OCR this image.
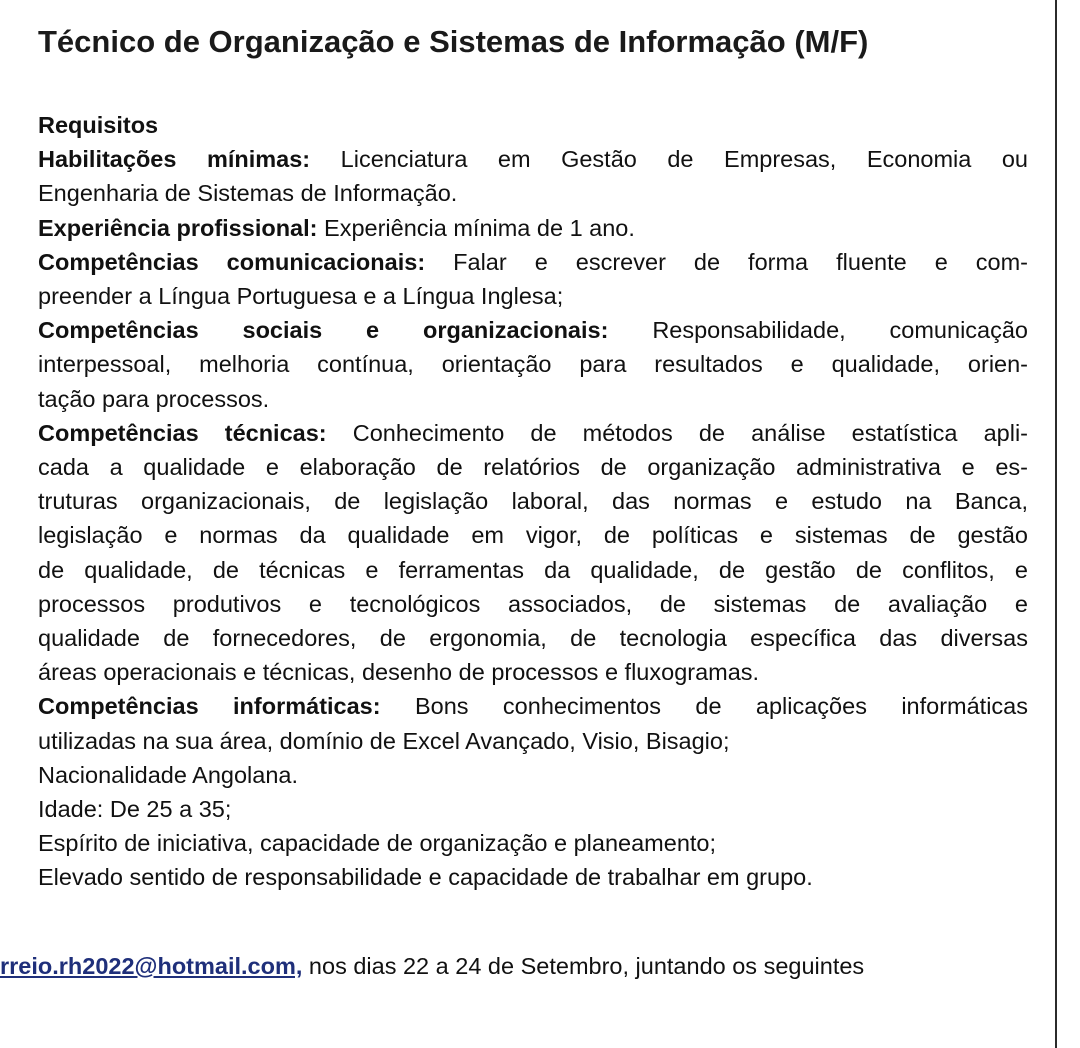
Técnico de Organização e Sistemas de Informação (M/F)

Requisitos

Habilitações mínimas: Licenciatura em Gestão de Empresas, Economia ou

Engenharia de Sistemas de Informação.

Experiência profissional: Experiência mínima de 1 ano.

Competências comunicacionais: Falar e escrever de forma fluente e com-

preender a Língua Portuguesa e a Língua Inglesa;

Competências sociais e organizacionais: Responsabilidade, comunicação

interpessoal, melhoria contínua, orientação para resultados e qualidade, orien-

tação para processos.

Competências técnicas: Conhecimento de métodos de análise estatística apli-

cada a qualidade e elaboração de relatórios de organização administrativa e es-

truturas organizacionais, de legislação laboral, das normas e estudo na Banca,

legislação e normas da qualidade em vigor, de políticas e sistemas de gestão

de qualidade, de técnicas e ferramentas da qualidade, de gestão de conflitos, e

processos produtivos e tecnológicos associados, de sistemas de avaliação e

qualidade de fornecedores, de ergonomia, de tecnologia específica das diversas

áreas operacionais e técnicas, desenho de processos e fluxogramas.

Competências informáticas: Bons conhecimentos de aplicações informáticas

utilizadas na sua área, domínio de Excel Avançado, Visio, Bisagio;

Nacionalidade Angolana.

Idade: De 25 a 35;

Espírito de iniciativa, capacidade de organização e planeamento;

Elevado sentido de responsabilidade e capacidade de trabalhar em grupo.

rreio.rh2022@hotmail.com, nos dias 22 a 24 de Setembro, juntando os seguintes
